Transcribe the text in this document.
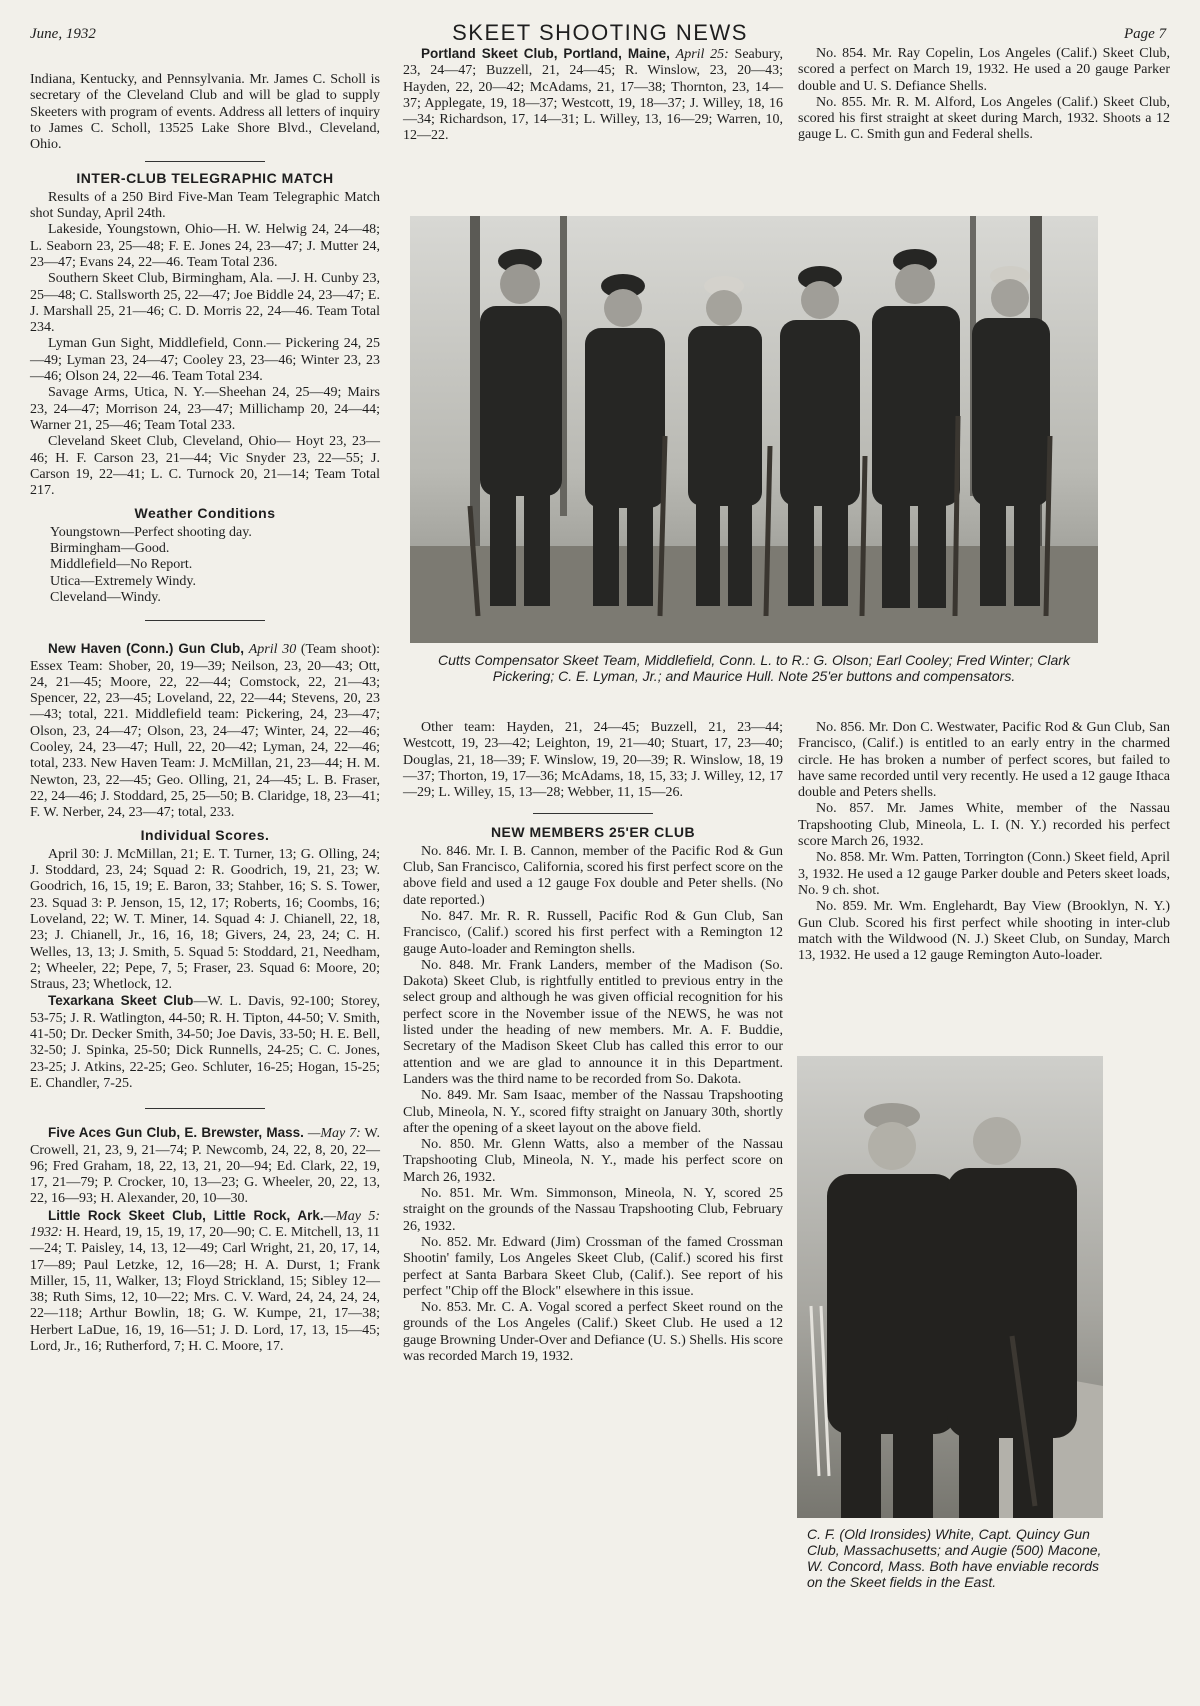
June, 1932	SKEET SHOOTING NEWS	Page 7

Indiana, Kentucky, and Pennsylvania. Mr. James C. Scholl is secretary of the Cleveland Club and will be glad to supply Skeeters with program of events. Address all letters of inquiry to James C. Scholl, 13525 Lake Shore Blvd., Cleveland, Ohio.

INTER-CLUB TELEGRAPHIC MATCH

Results of a 250 Bird Five-Man Team Telegraphic Match shot Sunday, April 24th.

Lakeside, Youngstown, Ohio—H. W. Helwig 24, 24—48; L. Seaborn 23, 25—48; F. E. Jones 24, 23—47; J. Mutter 24, 23—47; Evans 24, 22—46. Team Total 236.

Southern Skeet Club, Birmingham, Ala. —J. H. Cunby 23, 25—48; C. Stallsworth 25, 22—47; Joe Biddle 24, 23—47; E. J. Marshall 25, 21—46; C. D. Morris 22, 24—46. Team Total 234.

Lyman Gun Sight, Middlefield, Conn.— Pickering 24, 25—49; Lyman 23, 24—47; Cooley 23, 23—46; Winter 23, 23—46; Olson 24, 22—46. Team Total 234.

Savage Arms, Utica, N. Y.—Sheehan 24, 25—49; Mairs 23, 24—47; Morrison 24, 23—47; Millichamp 20, 24—44; Warner 21, 25—46; Team Total 233.

Cleveland Skeet Club, Cleveland, Ohio— Hoyt 23, 23—46; H. F. Carson 23, 21—44; Vic Snyder 23, 22—55; J. Carson 19, 22—41; L. C. Turnock 20, 21—14; Team Total 217.

Weather Conditions

Youngstown—Perfect shooting day.

Birmingham—Good.

Middlefield—No Report.

Utica—Extremely Windy.

Cleveland—Windy.

New Haven (Conn.) Gun Club, April 30 (Team shoot): Essex Team: Shober, 20, 19—39; Neilson, 23, 20—43; Ott, 24, 21—45; Moore, 22, 22—44; Comstock, 22, 21—43; Spencer, 22, 23—45; Loveland, 22, 22—44; Stevens, 20, 23—43; total, 221. Middlefield team: Pickering, 24, 23—47; Olson, 23, 24—47; Olson, 23, 24—47; Winter, 24, 22—46; Cooley, 24, 23—47; Hull, 22, 20—42; Lyman, 24, 22—46; total, 233. New Haven Team: J. McMillan, 21, 23—44; H. M. Newton, 23, 22—45; Geo. Olling, 21, 24—45; L. B. Fraser, 22, 24—46; J. Stoddard, 25, 25—50; B. Claridge, 18, 23—41; F. W. Nerber, 24, 23—47; total, 233.

Individual Scores.

April 30: J. McMillan, 21; E. T. Turner, 13; G. Olling, 24; J. Stoddard, 23, 24; Squad 2: R. Goodrich, 19, 21, 23; W. Goodrich, 16, 15, 19; E. Baron, 33; Stahber, 16; S. S. Tower, 23. Squad 3: P. Jenson, 15, 12, 17; Roberts, 16; Coombs, 16; Loveland, 22; W. T. Miner, 14. Squad 4: J. Chianell, 22, 18, 23; J. Chianell, Jr., 16, 16, 18; Givers, 24, 23, 24; C. H. Welles, 13, 13; J. Smith, 5. Squad 5: Stoddard, 21, Needham, 2; Wheeler, 22; Pepe, 7, 5; Fraser, 23. Squad 6: Moore, 20; Straus, 23; Whetlock, 12.

Texarkana Skeet Club—W. L. Davis, 92-100; Storey, 53-75; J. R. Watlington, 44-50; R. H. Tipton, 44-50; V. Smith, 41-50; Dr. Decker Smith, 34-50; Joe Davis, 33-50; H. E. Bell, 32-50; J. Spinka, 25-50; Dick Runnells, 24-25; C. C. Jones, 23-25; J. Atkins, 22-25; Geo. Schluter, 16-25; Hogan, 15-25; E. Chandler, 7-25.

Five Aces Gun Club, E. Brewster, Mass. —May 7: W. Crowell, 21, 23, 9, 21—74; P. Newcomb, 24, 22, 8, 20, 22—96; Fred Graham, 18, 22, 13, 21, 20—94; Ed. Clark, 22, 19, 17, 21—79; P. Crocker, 10, 13—23; G. Wheeler, 20, 22, 13, 22, 16—93; H. Alexander, 20, 10—30.

Little Rock Skeet Club, Little Rock, Ark.—May 5: 1932: H. Heard, 19, 15, 19, 17, 20—90; C. E. Mitchell, 13, 11—24; T. Paisley, 14, 13, 12—49; Carl Wright, 21, 20, 17, 14, 17—89; Paul Letzke, 12, 16—28; H. A. Durst, 1; Frank Miller, 15, 11, Walker, 13; Floyd Strickland, 15; Sibley 12—38; Ruth Sims, 12, 10—22; Mrs. C. V. Ward, 24, 24, 24, 24, 22—118; Arthur Bowlin, 18; G. W. Kumpe, 21, 17—38; Herbert LaDue, 16, 19, 16—51; J. D. Lord, 17, 13, 15—45; Lord, Jr., 16; Rutherford, 7; H. C. Moore, 17.

Portland Skeet Club, Portland, Maine, April 25: Seabury, 23, 24—47; Buzzell, 21, 24—45; R. Winslow, 23, 20—43; Hayden, 22, 20—42; McAdams, 21, 17—38; Thornton, 23, 14—37; Applegate, 19, 18—37; Westcott, 19, 18—37; J. Willey, 18, 16—34; Richardson, 17, 14—31; L. Willey, 13, 16—29; Warren, 10, 12—22.

No. 854. Mr. Ray Copelin, Los Angeles (Calif.) Skeet Club, scored a perfect on March 19, 1932. He used a 20 gauge Parker double and U. S. Defiance Shells.

No. 855. Mr. R. M. Alford, Los Angeles (Calif.) Skeet Club, scored his first straight at skeet during March, 1932. Shoots a 12 gauge L. C. Smith gun and Federal shells.

Cutts Compensator Skeet Team, Middlefield, Conn. L. to R.: G. Olson; Earl Cooley; Fred Winter; Clark Pickering; C. E. Lyman, Jr.; and Maurice Hull. Note 25'er buttons and compensators.

Other team: Hayden, 21, 24—45; Buzzell, 21, 23—44; Westcott, 19, 23—42; Leighton, 19, 21—40; Stuart, 17, 23—40; Douglas, 21, 18—39; F. Winslow, 19, 20—39; R. Winslow, 18, 19—37; Thorton, 19, 17—36; McAdams, 18, 15, 33; J. Willey, 12, 17—29; L. Willey, 15, 13—28; Webber, 11, 15—26.

NEW MEMBERS 25'ER CLUB

No. 846. Mr. I. B. Cannon, member of the Pacific Rod & Gun Club, San Francisco, California, scored his first perfect score on the above field and used a 12 gauge Fox double and Peter shells. (No date reported.)

No. 847. Mr. R. R. Russell, Pacific Rod & Gun Club, San Francisco, (Calif.) scored his first perfect with a Remington 12 gauge Auto-loader and Remington shells.

No. 848. Mr. Frank Landers, member of the Madison (So. Dakota) Skeet Club, is rightfully entitled to previous entry in the select group and although he was given official recognition for his perfect score in the November issue of the NEWS, he was not listed under the heading of new members. Mr. A. F. Buddie, Secretary of the Madison Skeet Club has called this error to our attention and we are glad to announce it in this Department. Landers was the third name to be recorded from So. Dakota.

No. 849. Mr. Sam Isaac, member of the Nassau Trapshooting Club, Mineola, N. Y., scored fifty straight on January 30th, shortly after the opening of a skeet layout on the above field.

No. 850. Mr. Glenn Watts, also a member of the Nassau Trapshooting Club, Mineola, N. Y., made his perfect score on March 26, 1932.

No. 851. Mr. Wm. Simmonson, Mineola, N. Y, scored 25 straight on the grounds of the Nassau Trapshooting Club, February 26, 1932.

No. 852. Mr. Edward (Jim) Crossman of the famed Crossman Shootin' family, Los Angeles Skeet Club, (Calif.) scored his first perfect at Santa Barbara Skeet Club, (Calif.). See report of his perfect "Chip off the Block" elsewhere in this issue.

No. 853. Mr. C. A. Vogal scored a perfect Skeet round on the grounds of the Los Angeles (Calif.) Skeet Club. He used a 12 gauge Browning Under-Over and Defiance (U. S.) Shells. His score was recorded March 19, 1932.

No. 856. Mr. Don C. Westwater, Pacific Rod & Gun Club, San Francisco, (Calif.) is entitled to an early entry in the charmed circle. He has broken a number of perfect scores, but failed to have same recorded until very recently. He used a 12 gauge Ithaca double and Peters shells.

No. 857. Mr. James White, member of the Nassau Trapshooting Club, Mineola, L. I. (N. Y.) recorded his perfect score March 26, 1932.

No. 858. Mr. Wm. Patten, Torrington (Conn.) Skeet field, April 3, 1932. He used a 12 gauge Parker double and Peters skeet loads, No. 9 ch. shot.

No. 859. Mr. Wm. Englehardt, Bay View (Brooklyn, N. Y.) Gun Club. Scored his first perfect while shooting in inter-club match with the Wildwood (N. J.) Skeet Club, on Sunday, March 13, 1932. He used a 12 gauge Remington Auto-loader.

C. F. (Old Ironsides) White, Capt. Quincy Gun Club, Massachusetts; and Augie (500) Macone, W. Concord, Mass. Both have enviable records on the Skeet fields in the East.
